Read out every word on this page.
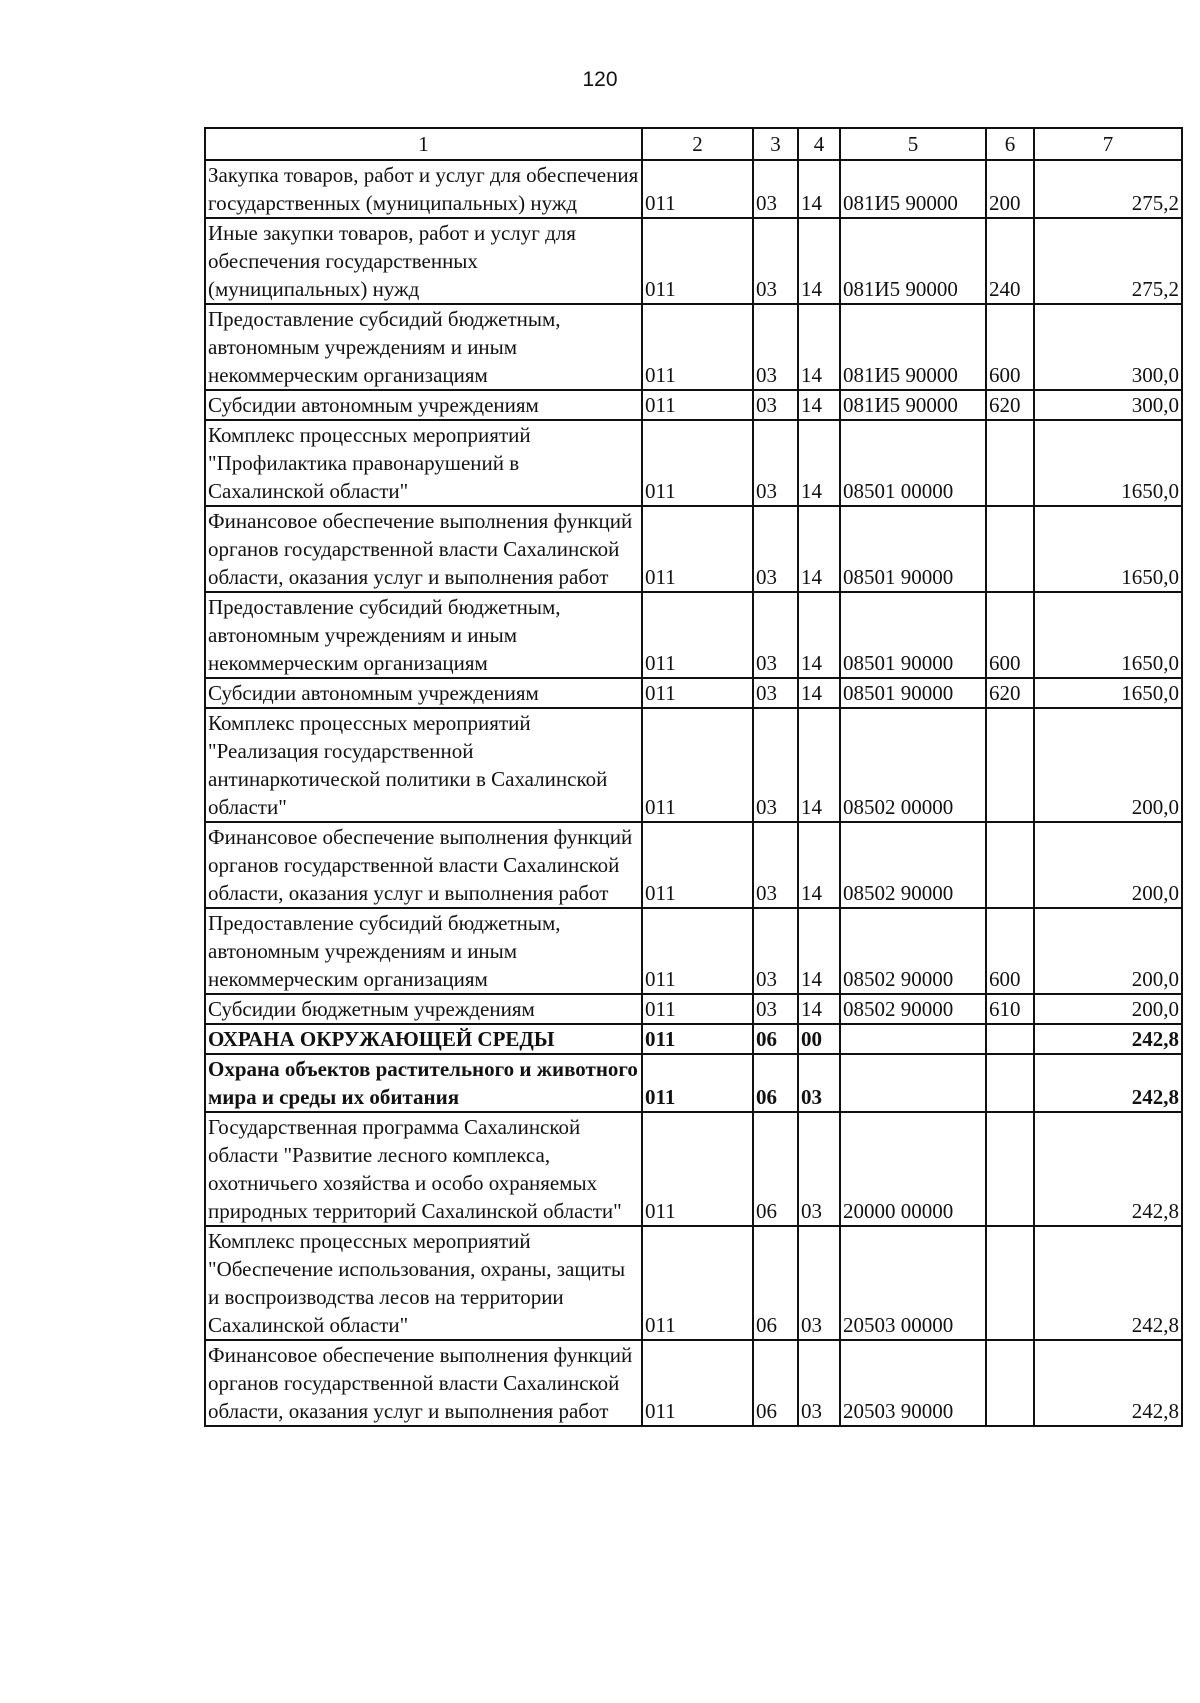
120
1	2	3	4	5	6	7
Закупка товаров, работ и услуг для обеспечения государственных (муниципальных) нужд	011	03	14	081И5 90000	200	275,2
Иные закупки товаров, работ и услуг для обеспечения государственных (муниципальных) нужд	011	03	14	081И5 90000	240	275,2
Предоставление субсидий бюджетным, автономным учреждениям и иным некоммерческим организациям	011	03	14	081И5 90000	600	300,0
Субсидии автономным учреждениям	011	03	14	081И5 90000	620	300,0
Комплекс процессных мероприятий "Профилактика правонарушений в Сахалинской области"	011	03	14	08501 00000		1650,0
Финансовое обеспечение выполнения функций органов государственной власти Сахалинской области, оказания услуг и выполнения работ	011	03	14	08501 90000		1650,0
Предоставление субсидий бюджетным, автономным учреждениям и иным некоммерческим организациям	011	03	14	08501 90000	600	1650,0
Субсидии автономным учреждениям	011	03	14	08501 90000	620	1650,0
Комплекс процессных мероприятий "Реализация государственной антинаркотической политики в Сахалинской области"	011	03	14	08502 00000		200,0
Финансовое обеспечение выполнения функций органов государственной власти Сахалинской области, оказания услуг и выполнения работ	011	03	14	08502 90000		200,0
Предоставление субсидий бюджетным, автономным учреждениям и иным некоммерческим организациям	011	03	14	08502 90000	600	200,0
Субсидии бюджетным учреждениям	011	03	14	08502 90000	610	200,0
ОХРАНА ОКРУЖАЮЩЕЙ СРЕДЫ	011	06	00			242,8
Охрана объектов растительного и животного мира и среды их обитания	011	06	03			242,8
Государственная программа Сахалинской области "Развитие лесного комплекса, охотничьего хозяйства и особо охраняемых природных территорий Сахалинской области"	011	06	03	20000 00000		242,8
Комплекс процессных мероприятий "Обеспечение использования, охраны, защиты и воспроизводства лесов на территории Сахалинской области"	011	06	03	20503 00000		242,8
Финансовое обеспечение выполнения функций органов государственной власти Сахалинской области, оказания услуг и выполнения работ	011	06	03	20503 90000		242,8
